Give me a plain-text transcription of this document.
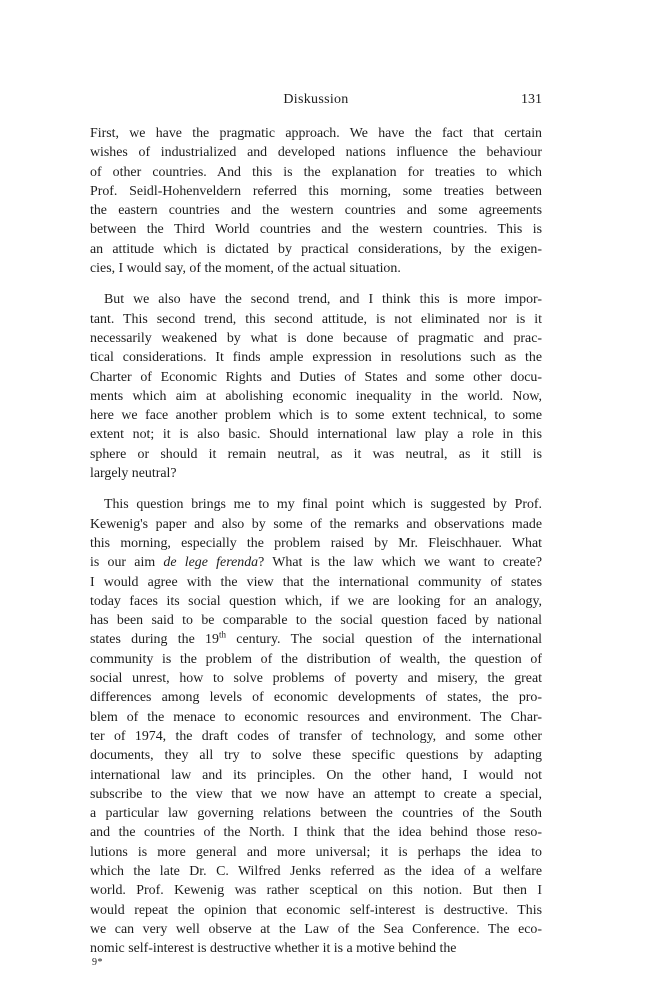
Diskussion	131
First, we have the pragmatic approach. We have the fact that certain
wishes of industrialized and developed nations influence the behaviour
of other countries. And this is the explanation for treaties to which
Prof. Seidl-Hohenveldern referred this morning, some treaties between
the eastern countries and the western countries and some agreements
between the Third World countries and the western countries. This is
an attitude which is dictated by practical considerations, by the exigen-
cies, I would say, of the moment, of the actual situation.
But we also have the second trend, and I think this is more impor-
tant. This second trend, this second attitude, is not eliminated nor is it
necessarily weakened by what is done because of pragmatic and prac-
tical considerations. It finds ample expression in resolutions such as the
Charter of Economic Rights and Duties of States and some other docu-
ments which aim at abolishing economic inequality in the world. Now,
here we face another problem which is to some extent technical, to some
extent not; it is also basic. Should international law play a role in this
sphere or should it remain neutral, as it was neutral, as it still is
largely neutral?
This question brings me to my final point which is suggested by Prof.
Kewenig's paper and also by some of the remarks and observations made
this morning, especially the problem raised by Mr. Fleischhauer. What
is our aim de lege ferenda? What is the law which we want to create?
I would agree with the view that the international community of states
today faces its social question which, if we are looking for an analogy,
has been said to be comparable to the social question faced by national
states during the 19th century. The social question of the international
community is the problem of the distribution of wealth, the question of
social unrest, how to solve problems of poverty and misery, the great
differences among levels of economic developments of states, the pro-
blem of the menace to economic resources and environment. The Char-
ter of 1974, the draft codes of transfer of technology, and some other
documents, they all try to solve these specific questions by adapting
international law and its principles. On the other hand, I would not
subscribe to the view that we now have an attempt to create a special,
a particular law governing relations between the countries of the South
and the countries of the North. I think that the idea behind those reso-
lutions is more general and more universal; it is perhaps the idea to
which the late Dr. C. Wilfred Jenks referred as the idea of a welfare
world. Prof. Kewenig was rather sceptical on this notion. But then I
would repeat the opinion that economic self-interest is destructive. This
we can very well observe at the Law of the Sea Conference. The eco-
nomic self-interest is destructive whether it is a motive behind the
9*
